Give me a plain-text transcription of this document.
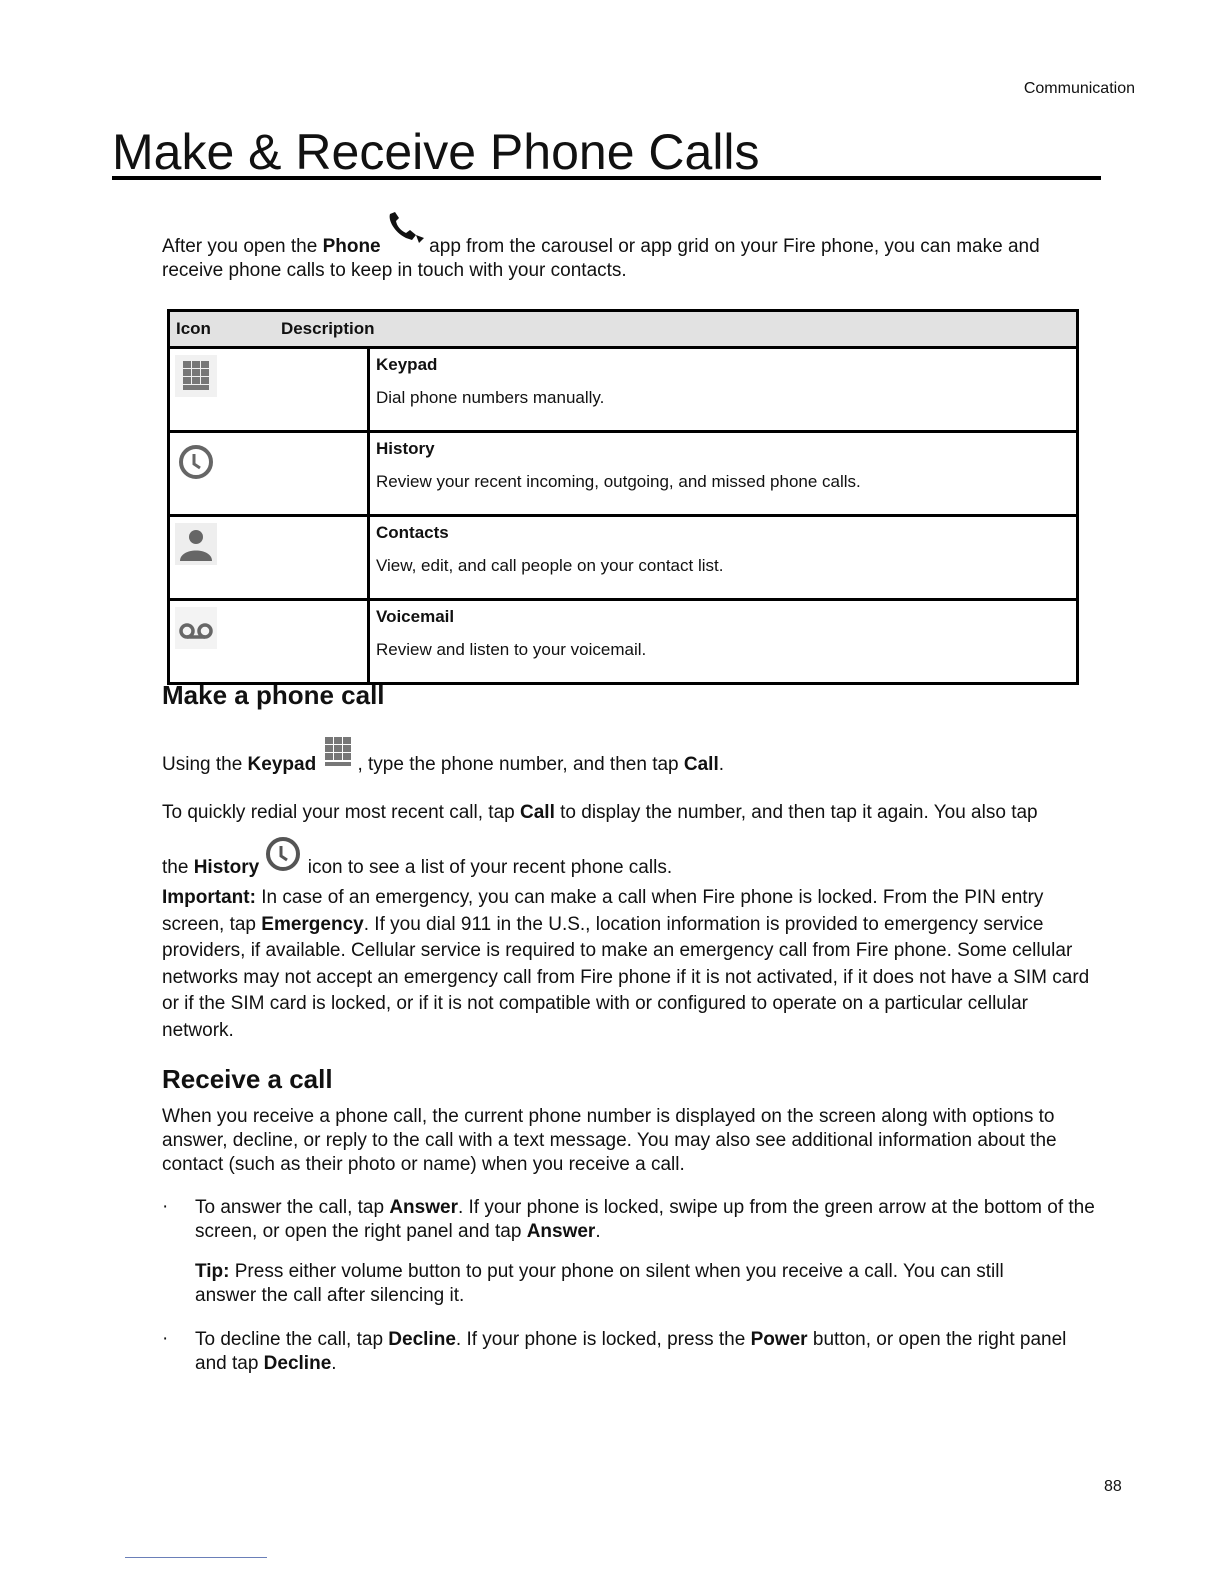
Communication
Make & Receive Phone Calls
After you open the Phone  app from the carousel or app grid on your Fire phone, you can make and receive phone calls to keep in touch with your contacts.
Icon Description	

Keypad
Dial phone numbers manually.

History
Review your recent incoming, outgoing, and missed phone calls.

Contacts
View, edit, and call people on your contact list.

Voicemail
Review and listen to your voicemail.
Make a phone call
Using the Keypad , type the phone number, and then tap Call.
To quickly redial your most recent call, tap Call to display the number, and then tap it again. You also tap
the History  icon to see a list of your recent phone calls.
Important: In case of an emergency, you can make a call when Fire phone is locked. From the PIN entry screen, tap Emergency. If you dial 911 in the U.S., location information is provided to emergency service providers, if available. Cellular service is required to make an emergency call from Fire phone. Some cellular networks may not accept an emergency call from Fire phone if it is not activated, if it does not have a SIM card or if the SIM card is locked, or if it is not compatible with or configured to operate on a particular cellular network.
Receive a call
When you receive a phone call, the current phone number is displayed on the screen along with options to answer, decline, or reply to the call with a text message. You may also see additional information about the contact (such as their photo or name) when you receive a call.
· To answer the call, tap Answer. If your phone is locked, swipe up from the green arrow at the bottom of the screen, or open the right panel and tap Answer.
Tip: Press either volume button to put your phone on silent when you receive a call. You can still answer the call after silencing it.
· To decline the call, tap Decline. If your phone is locked, press the Power button, or open the right panel and tap Decline.
88
